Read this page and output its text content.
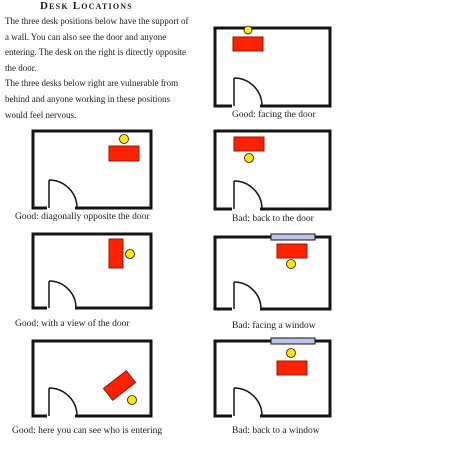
Desk Locations

The three desk positions below have the support of a wall. You can also see the door and anyone entering. The desk on the right is directly opposite the door.

The three desks below right are vulnerable from behind and anyone working in these positions would feel nervous.	Good: facing the door
Good: diagonally opposite the door	Bad: back to the door
Good: with a view of the door	Bad: facing a window
Good: here you can see who is entering	Bad: back to a window
